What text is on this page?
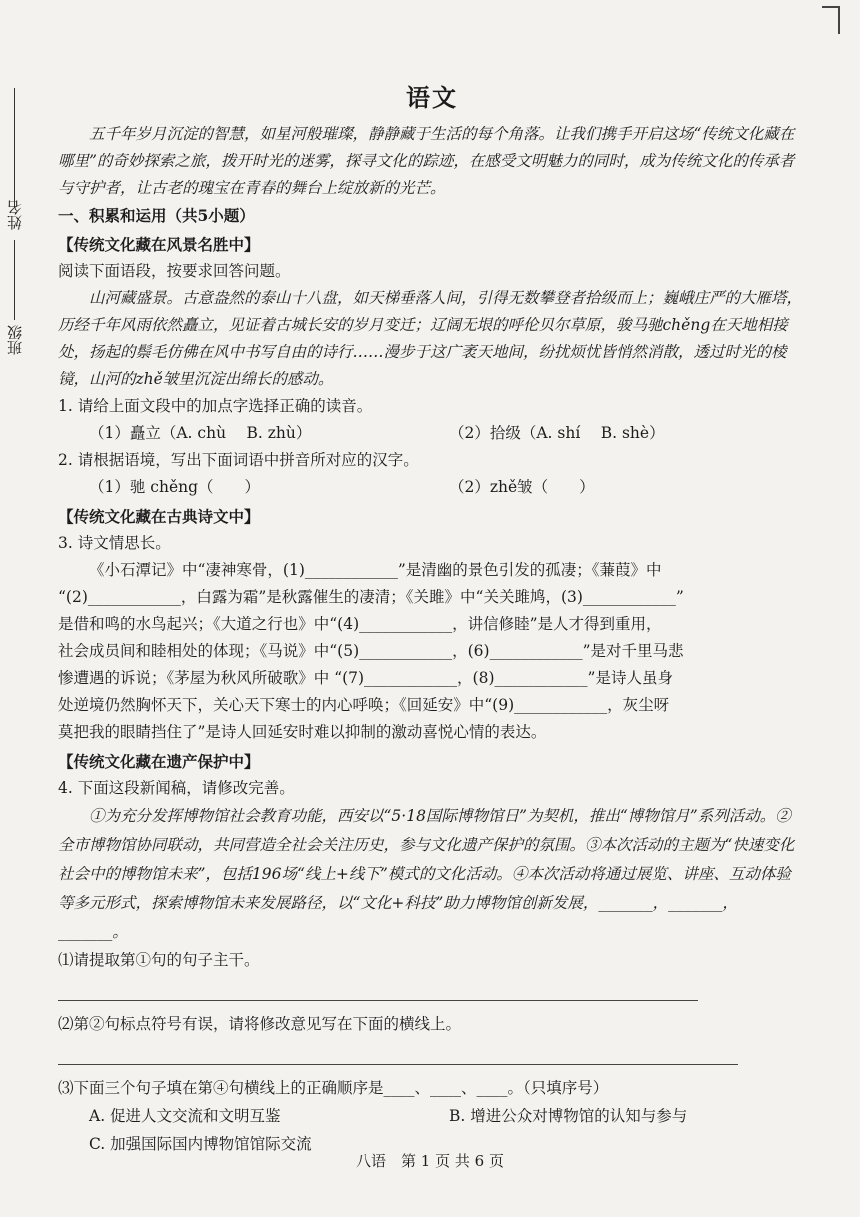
姓名
班级
语文

五千年岁月沉淀的智慧，如星河般璀璨，静静藏于生活的每个角落。让我们携手开启这场“传统文化藏在哪里”的奇妙探索之旅，拨开时光的迷雾，探寻文化的踪迹，在感受文明魅力的同时，成为传统文化的传承者与守护者，让古老的瑰宝在青春的舞台上绽放新的光芒。

一、积累和运用（共5小题）

【传统文化藏在风景名胜中】

阅读下面语段，按要求回答问题。

山河藏盛景。古意盎然的泰山十八盘，如天梯垂落人间，引得无数攀登者拾级而上；巍峨庄严的大雁塔，历经千年风雨依然矗立，见证着古城长安的岁月变迁；辽阔无垠的呼伦贝尔草原，骏马驰chěng在天地相接处，扬起的鬃毛仿佛在风中书写自由的诗行……漫步于这广袤天地间，纷扰烦忧皆悄然消散，透过时光的棱镜，山河的zhě皱里沉淀出绵长的感动。

1. 请给上面文段中的加点字选择正确的读音。

（1）矗立（A. chù　 B. zhù）	（2）拾级（A. shí　 B. shè）

2. 请根据语境，写出下面词语中拼音所对应的汉字。

（1）驰 chěng（　　）	（2）zhě皱（　　）

【传统文化藏在古典诗文中】

3. 诗文情思长。

《小石潭记》中“凄神寒骨，(1)____________”是清幽的景色引发的孤凄；《蒹葭》中

“(2)____________，白露为霜”是秋露催生的凄清；《关雎》中“关关雎鸠，(3)____________”

是借和鸣的水鸟起兴；《大道之行也》中“(4)____________，讲信修睦”是人才得到重用，

社会成员间和睦相处的体现；《马说》中“(5)____________，(6)____________”是对千里马悲

惨遭遇的诉说；《茅屋为秋风所破歌》中 “(7)____________，(8)____________”是诗人虽身

处逆境仍然胸怀天下，关心天下寒士的内心呼唤；《回延安》中“(9)____________，灰尘呀

莫把我的眼睛挡住了”是诗人回延安时难以抑制的激动喜悦心情的表达。

【传统文化藏在遗产保护中】

4. 下面这段新闻稿，请修改完善。

①为充分发挥博物馆社会教育功能，西安以“5·18国际博物馆日”为契机，推出“博物馆月”系列活动。②全市博物馆协同联动，共同营造全社会关注历史，参与文化遗产保护的氛围。③本次活动的主题为“快速变化社会中的博物馆未来”，包括196场“线上+线下”模式的文化活动。④本次活动将通过展览、讲座、互动体验等多元形式，探索博物馆未来发展路径，以“文化+科技”助力博物馆创新发展，_______，_______，_______。

⑴请提取第①句的句子主干。

⑵第②句标点符号有误，请将修改意见写在下面的横线上。

⑶下面三个句子填在第④句横线上的正确顺序是____、____、____。（只填序号）

A. 促进人文交流和文明互鉴	B. 增进公众对博物馆的认知与参与
C. 加强国际国内博物馆馆际交流
八语　第 1 页 共 6 页
